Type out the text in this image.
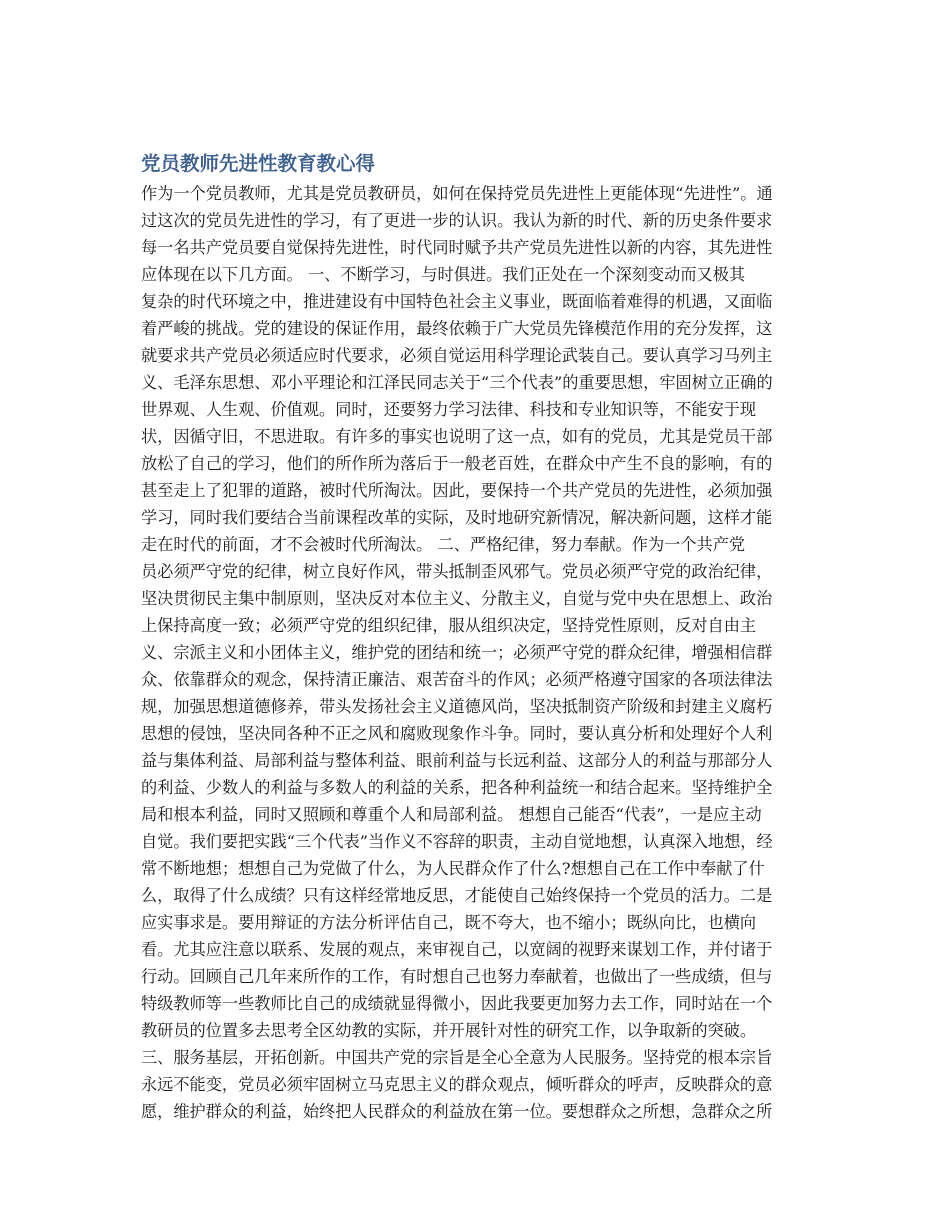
党员教师先进性教育教心得
作为一个党员教师，尤其是党员教研员，如何在保持党员先进性上更能体现“先进性”。通
过这次的党员先进性的学习，有了更进一步的认识。我认为新的时代、新的历史条件要求
每一名共产党员要自觉保持先进性，时代同时赋予共产党员先进性以新的内容，其先进性
应体现在以下几方面。 一、不断学习，与时俱进。我们正处在一个深刻变动而又极其
复杂的时代环境之中，推进建设有中国特色社会主义事业，既面临着难得的机遇，又面临
着严峻的挑战。党的建设的保证作用，最终依赖于广大党员先锋模范作用的充分发挥，这
就要求共产党员必须适应时代要求，必须自觉运用科学理论武装自己。要认真学习马列主
义、毛泽东思想、邓小平理论和江泽民同志关于“三个代表”的重要思想，牢固树立正确的
世界观、人生观、价值观。同时，还要努力学习法律、科技和专业知识等，不能安于现
状，因循守旧，不思进取。有许多的事实也说明了这一点，如有的党员，尤其是党员干部
放松了自己的学习，他们的所作所为落后于一般老百姓，在群众中产生不良的影响，有的
甚至走上了犯罪的道路，被时代所淘汰。因此，要保持一个共产党员的先进性，必须加强
学习，同时我们要结合当前课程改革的实际，及时地研究新情况，解决新问题，这样才能
走在时代的前面，才不会被时代所淘汰。 二、严格纪律，努力奉献。作为一个共产党
员必须严守党的纪律，树立良好作风，带头抵制歪风邪气。党员必须严守党的政治纪律，
坚决贯彻民主集中制原则，坚决反对本位主义、分散主义，自觉与党中央在思想上、政治
上保持高度一致；必须严守党的组织纪律，服从组织决定，坚持党性原则，反对自由主
义、宗派主义和小团体主义，维护党的团结和统一；必须严守党的群众纪律，增强相信群
众、依靠群众的观念，保持清正廉洁、艰苦奋斗的作风；必须严格遵守国家的各项法律法
规，加强思想道德修养，带头发扬社会主义道德风尚，坚决抵制资产阶级和封建主义腐朽
思想的侵蚀，坚决同各种不正之风和腐败现象作斗争。同时，要认真分析和处理好个人利
益与集体利益、局部利益与整体利益、眼前利益与长远利益、这部分人的利益与那部分人
的利益、少数人的利益与多数人的利益的关系，把各种利益统一和结合起来。坚持维护全
局和根本利益，同时又照顾和尊重个人和局部利益。 想想自己能否“代表”，一是应主动
自觉。我们要把实践“三个代表”当作义不容辞的职责，主动自觉地想，认真深入地想，经
常不断地想；想想自己为党做了什么，为人民群众作了什么?想想自己在工作中奉献了什
么，取得了什么成绩？只有这样经常地反思，才能使自己始终保持一个党员的活力。二是
应实事求是。要用辩证的方法分析评估自己，既不夸大，也不缩小；既纵向比，也横向
看。尤其应注意以联系、发展的观点，来审视自己，以宽阔的视野来谋划工作，并付诸于
行动。回顾自己几年来所作的工作，有时想自己也努力奉献着，也做出了一些成绩，但与
特级教师等一些教师比自己的成绩就显得微小，因此我要更加努力去工作，同时站在一个
教研员的位置多去思考全区幼教的实际，并开展针对性的研究工作，以争取新的突破。
三、服务基层，开拓创新。中国共产党的宗旨是全心全意为人民服务。坚持党的根本宗旨
永远不能变，党员必须牢固树立马克思主义的群众观点，倾听群众的呼声，反映群众的意
愿，维护群众的利益，始终把人民群众的利益放在第一位。要想群众之所想，急群众之所
